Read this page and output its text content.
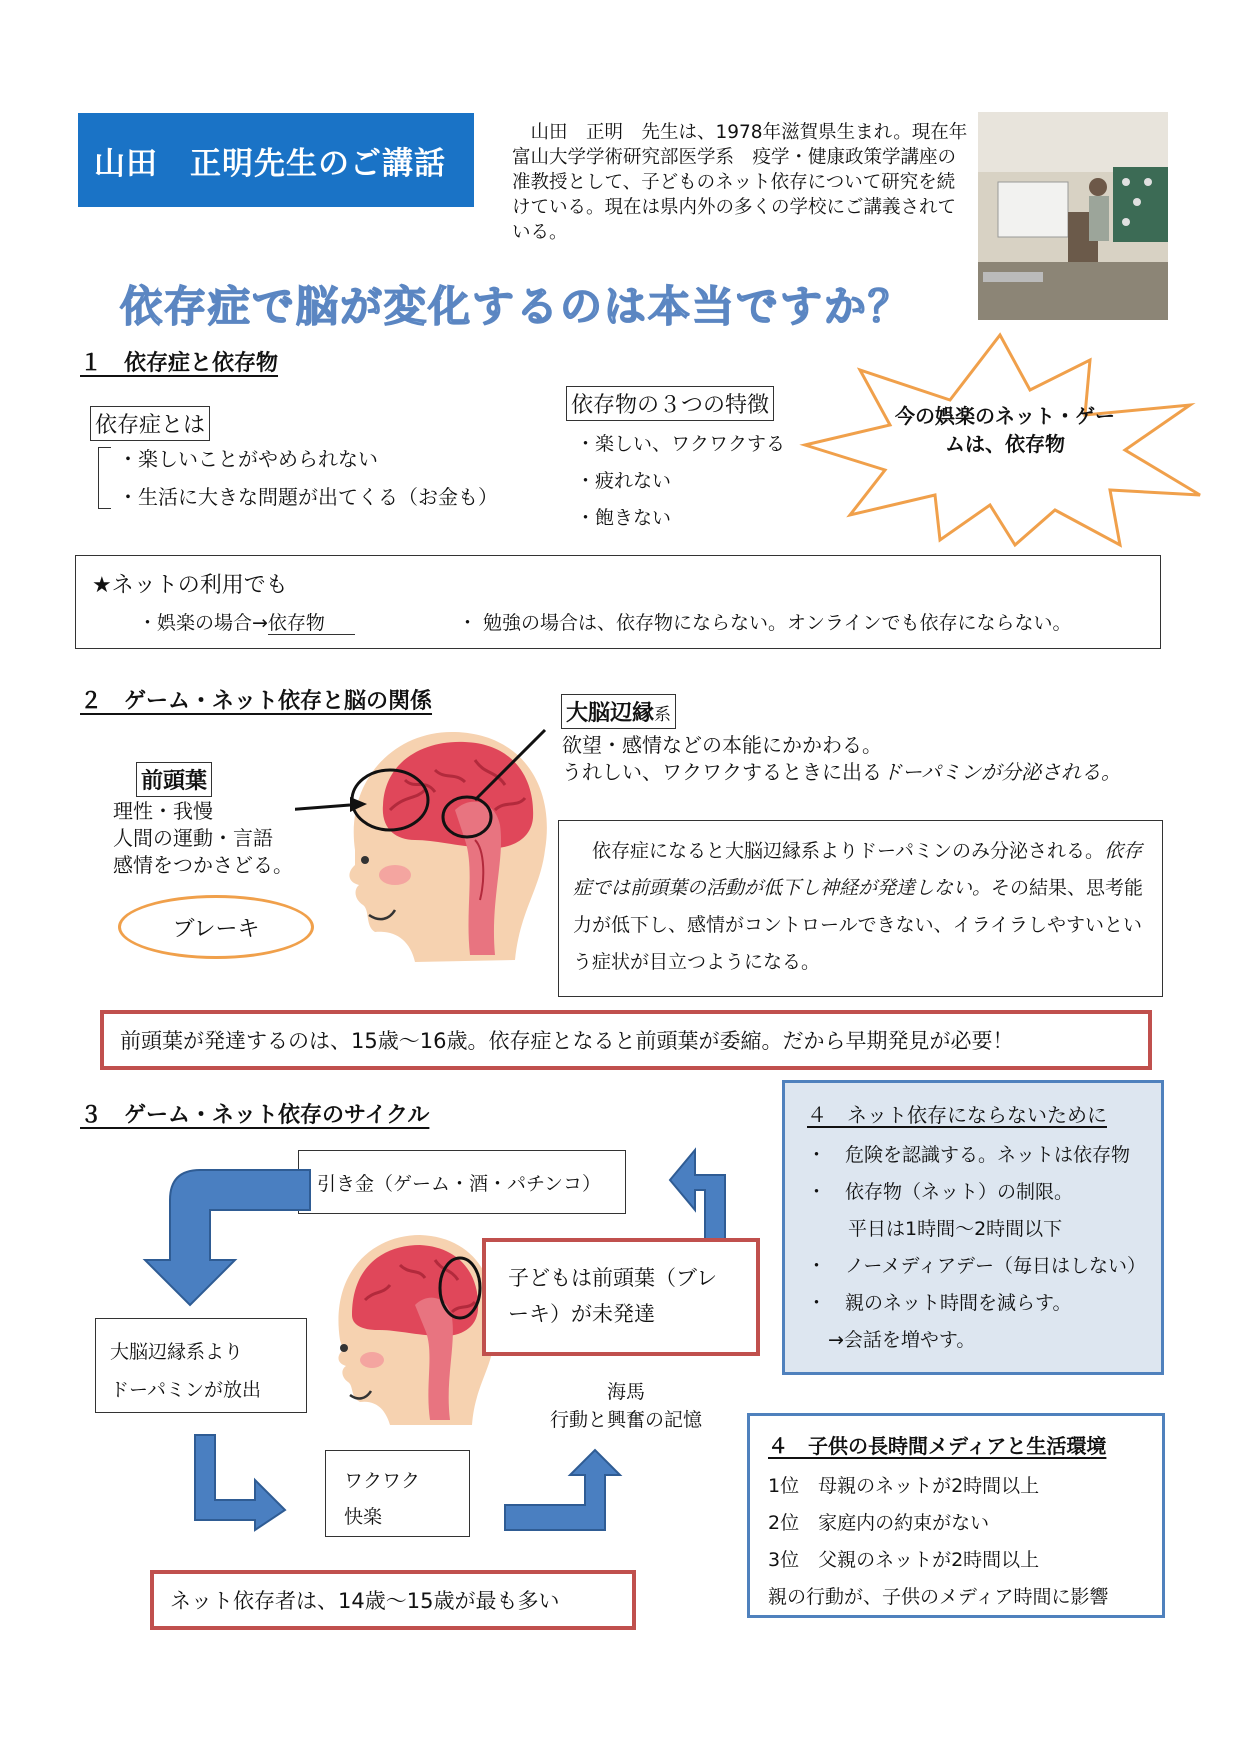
山田　正明先生のご講話
　山田　正明　先生は、1978年滋賀県生まれ。現在年富山大学学術研究部医学系　疫学・健康政策学講座の准教授として、子どものネット依存について研究を続けている。現在は県内外の多くの学校にご講義されている。
依存症で脳が変化するのは本当ですか？
１　依存症と依存物
依存症とは
・楽しいことがやめられない
・生活に大きな問題が出てくる（お金も）
依存物の３つの特徴
・楽しい、ワクワクする
・疲れない
・飽きない
今の娯楽のネット・ゲームは、依存物
★ネットの利用でも
・娯楽の場合→依存物	・ 勉強の場合は、依存物にならない。オンラインでも依存にならない。
２　ゲーム・ネット依存と脳の関係	大脳辺縁系
欲望・感情などの本能にかかわる。
うれしい、ワクワクするときに出るドーパミンが分泌される。
前頭葉
理性・我慢
人間の運動・言語
感情をつかさどる。
ブレーキ
　依存症になると大脳辺縁系よりドーパミンのみ分泌される。依存症では前頭葉の活動が低下し神経が発達しない。その結果、思考能力が低下し、感情がコントロールできない、イライラしやすいという症状が目立つようになる。
前頭葉が発達するのは、15歳～16歳。依存症となると前頭葉が委縮。だから早期発見が必要！
３　ゲーム・ネット依存のサイクル
引き金（ゲーム・酒・パチンコ）
子どもは前頭葉（ブレーキ）が未発達
大脳辺縁系より
ドーパミンが放出	海馬
行動と興奮の記憶
ワクワク
快楽
ネット依存者は、14歳～15歳が最も多い
４　ネット依存にならないために
・　危険を認識する。ネットは依存物
・　依存物（ネット）の制限。
　平日は1時間～2時間以下
・　ノーメディアデー（毎日はしない）
・　親のネット時間を減らす。
　→会話を増やす。
４　子供の長時間メディアと生活環境
1位　母親のネットが2時間以上
2位　家庭内の約束がない
3位　父親のネットが2時間以上
親の行動が、子供のメディア時間に影響
